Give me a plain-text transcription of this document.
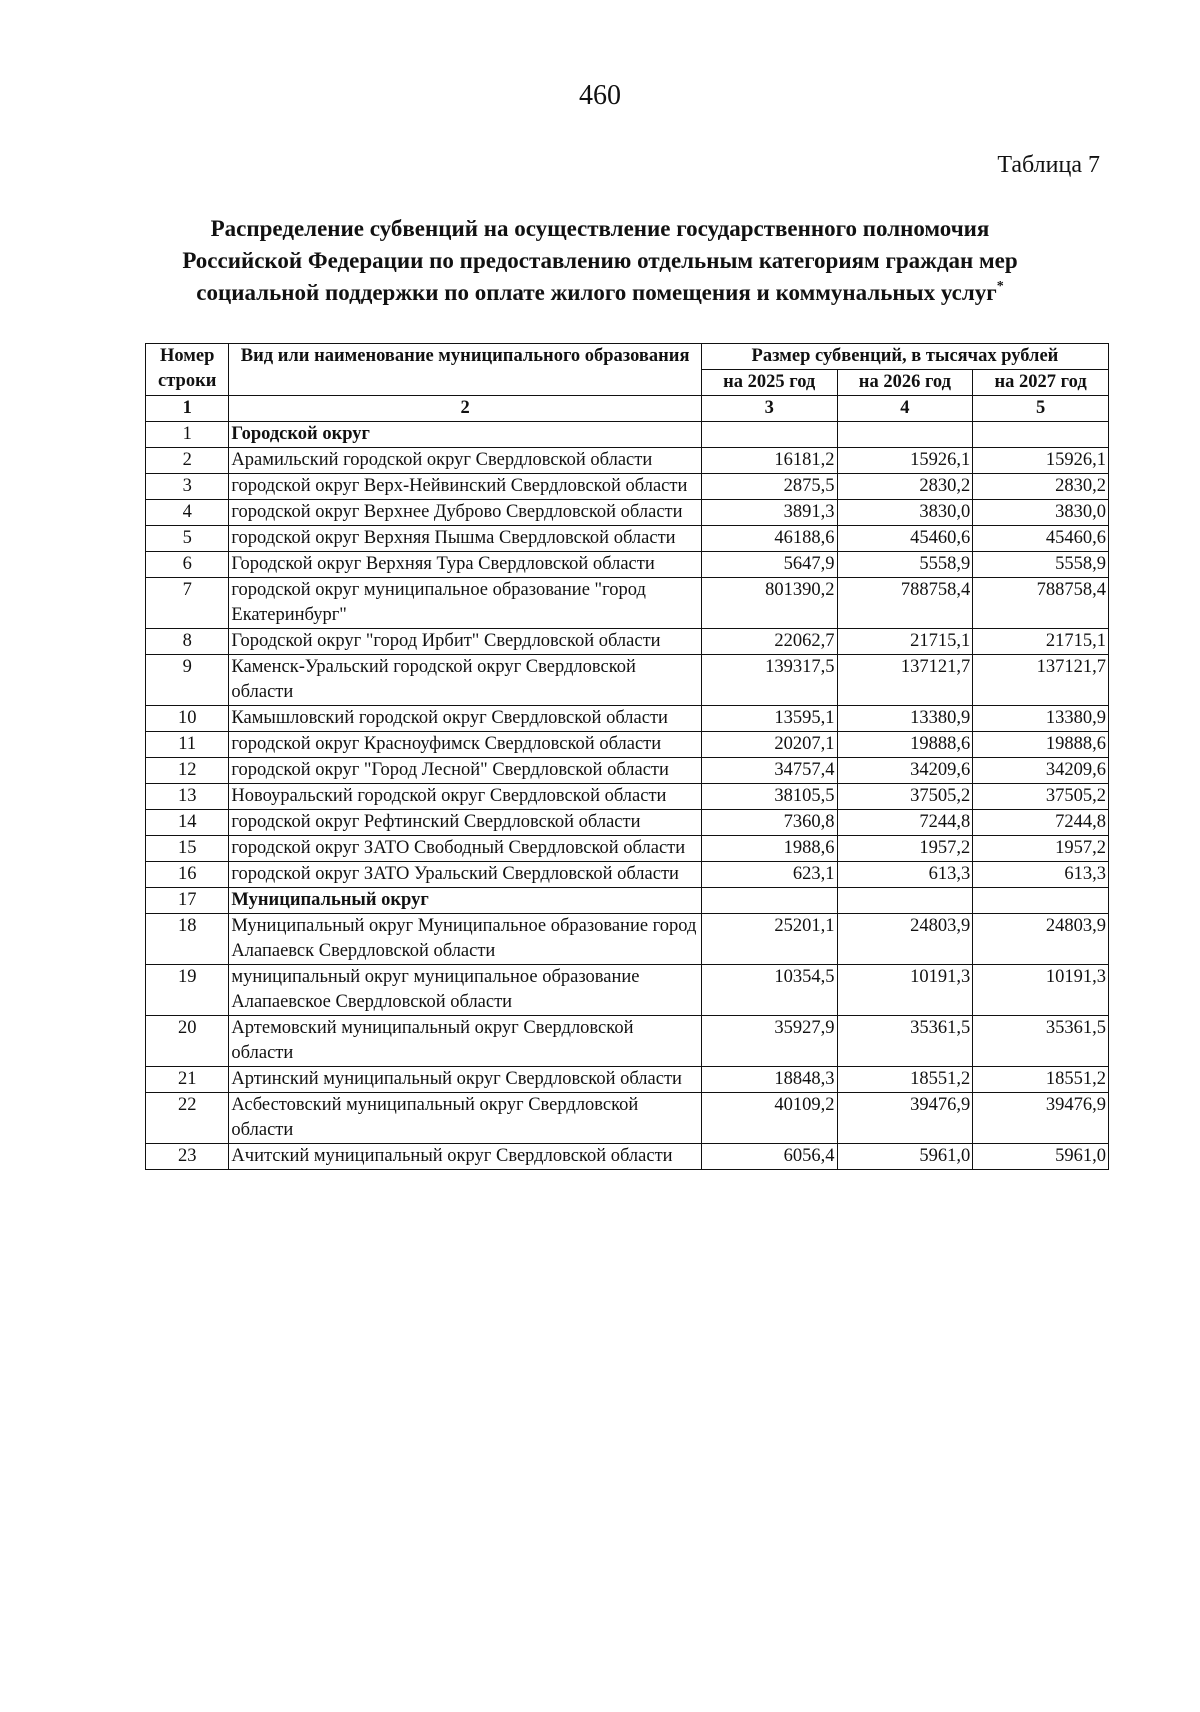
460
Таблица 7
Распределение субвенций на осуществление государственного полномочия
Российской Федерации по предоставлению отдельным категориям граждан мер
социальной поддержки по оплате жилого помещения и коммунальных услуг*
Номер строки	Вид или наименование муниципального образования	Размер субвенций, в тысячах рублей		
		на 2025 год	на 2026 год	на 2027 год
1	2	3	4	5
1	Городской округ			
2	Арамильский городской округ Свердловской области	16181,2	15926,1	15926,1
3	городской округ Верх-Нейвинский Свердловской области	2875,5	2830,2	2830,2
4	городской округ Верхнее Дуброво Свердловской области	3891,3	3830,0	3830,0
5	городской округ Верхняя Пышма Свердловской области	46188,6	45460,6	45460,6
6	Городской округ Верхняя Тура Свердловской области	5647,9	5558,9	5558,9
7	городской округ муниципальное образование "город Екатеринбург"	801390,2	788758,4	788758,4
8	Городской округ "город Ирбит" Свердловской области	22062,7	21715,1	21715,1
9	Каменск-Уральский городской округ Свердловской области	139317,5	137121,7	137121,7
10	Камышловский городской округ Свердловской области	13595,1	13380,9	13380,9
11	городской округ Красноуфимск Свердловской области	20207,1	19888,6	19888,6
12	городской округ "Город Лесной" Свердловской области	34757,4	34209,6	34209,6
13	Новоуральский городской округ Свердловской области	38105,5	37505,2	37505,2
14	городской округ Рефтинский Свердловской области	7360,8	7244,8	7244,8
15	городской округ ЗАТО Свободный Свердловской области	1988,6	1957,2	1957,2
16	городской округ ЗАТО Уральский Свердловской области	623,1	613,3	613,3
17	Муниципальный округ			
18	Муниципальный округ Муниципальное образование город Алапаевск Свердловской области	25201,1	24803,9	24803,9
19	муниципальный округ муниципальное образование Алапаевское Свердловской области	10354,5	10191,3	10191,3
20	Артемовский муниципальный округ Свердловской области	35927,9	35361,5	35361,5
21	Артинский муниципальный округ Свердловской области	18848,3	18551,2	18551,2
22	Асбестовский муниципальный округ Свердловской области	40109,2	39476,9	39476,9
23	Ачитский муниципальный округ Свердловской области	6056,4	5961,0	5961,0
